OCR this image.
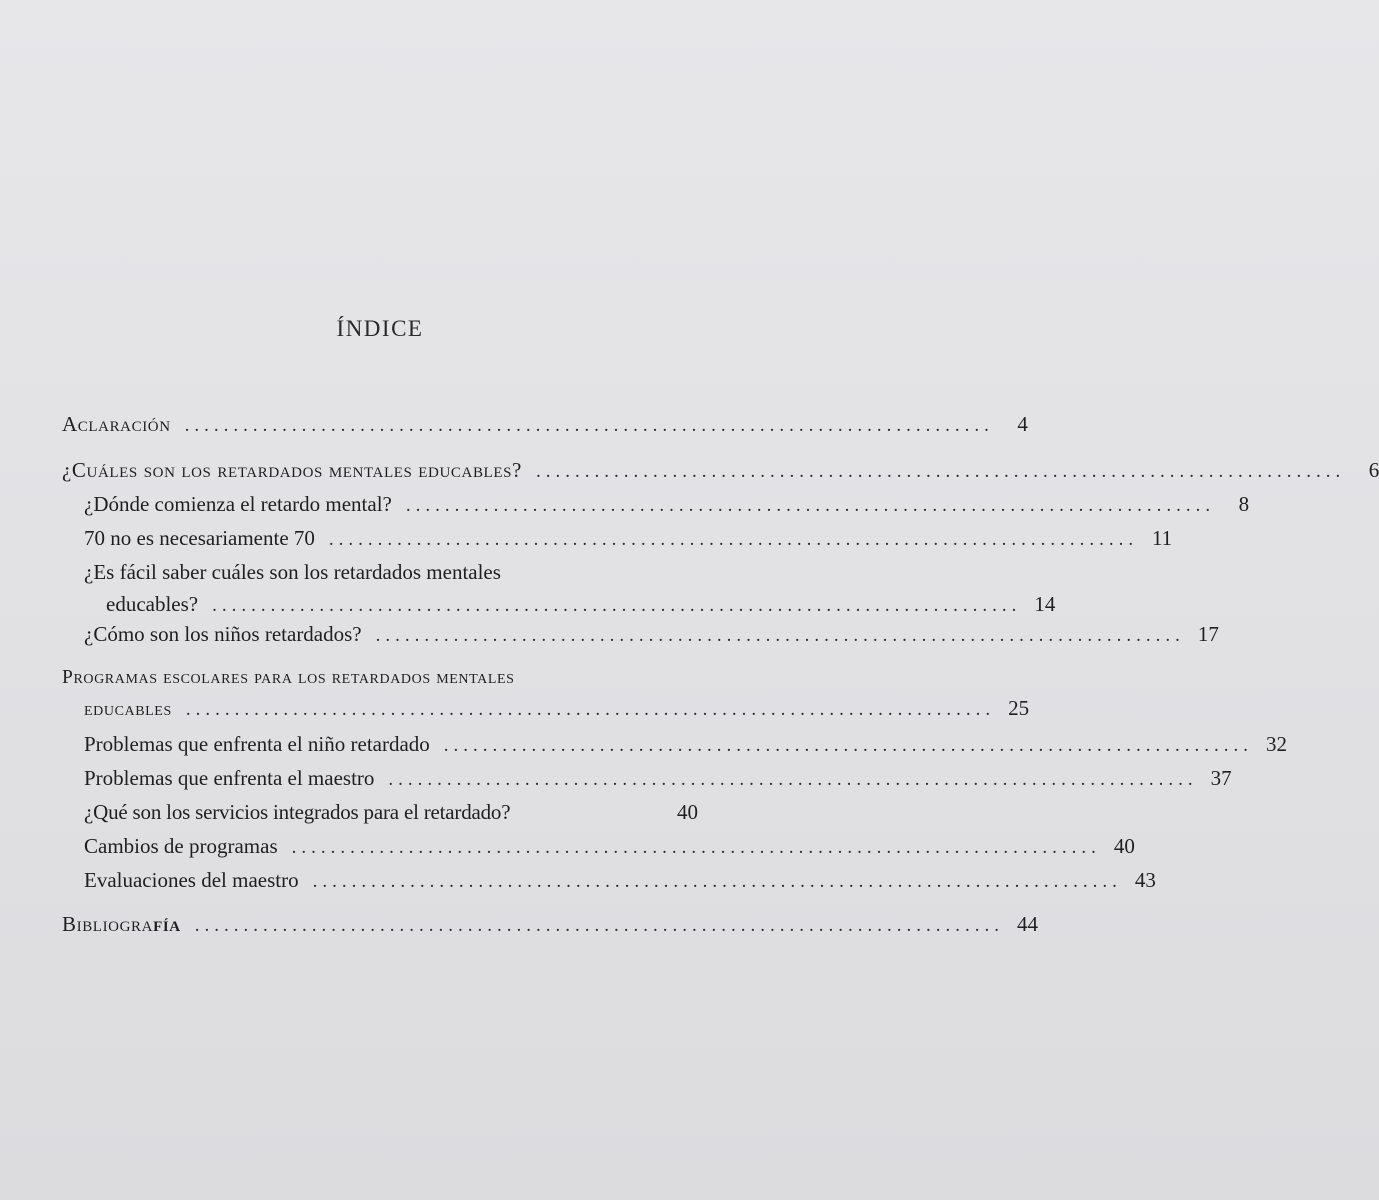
ÍNDICE
Aclaración ...................................................................................	4
¿Cuáles son los retardados mentales educables? ...................................................................................	6
¿Dónde comienza el retardo mental? ...................................................................................	8
70 no es necesariamente 70 ................................................................................... 11
¿Es fácil saber cuáles son los retardados mentales
educables? ................................................................................... 14
¿Cómo son los niños retardados? ................................................................................... 17
Programas escolares para los retardados mentales
educables ................................................................................... 25
Problemas que enfrenta el niño retardado ................................................................................... 32
Problemas que enfrenta el maestro ................................................................................... 37
¿Qué son los servicios integrados para el retardado?	40
Cambios de programas ................................................................................... 40
Evaluaciones del maestro ................................................................................... 43
Bibliografía ................................................................................... 44
